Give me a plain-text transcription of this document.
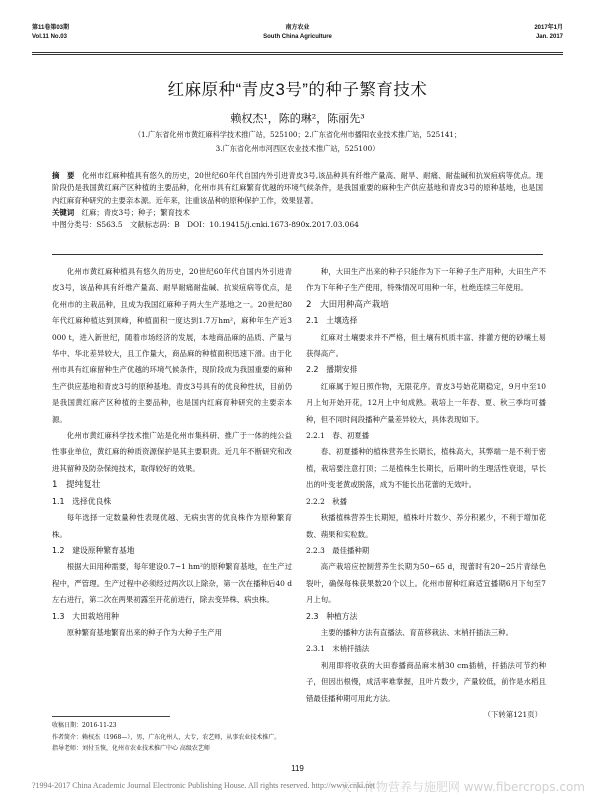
第11卷第03期
Vol.11 No.03
南方农业
South China Agriculture
2017年1月
Jan. 2017
红麻原种“青皮3号”的种子繁育技术
赖权杰¹，陈的琳²，陈丽先³
（1.广东省化州市黄红麻科学技术推广站，525100；2.广东省化州市播阳农业技术推广站，525141；
3.广东省化州市河西区农业技术推广站，525100）
摘　要　 化州市红麻种植具有悠久的历史，20世纪60年代自国内外引进青皮3号,该品种具有纤维产量高、耐旱、耐痛、耐盐碱和抗炭疽病等优点。现阶段仍是我国黄红麻产区种植的主要品种，化州市具有红麻繁育优越的环境气候条件，是我国重要的麻种生产供应基地和青皮3号的原种基地，也是国内红麻育种研究的主要亲本源。近年来，注重该品种的原种保护工作，效果显著。
关键词　 红麻；青皮3号；种子；繁育技术
中图分类号：S563.5　文献标志码：B　DOI：10.19415/j.cnki.1673-890x.2017.03.064

化州市黄红麻种植具有悠久的历史，20世纪60年代自国内外引进青皮3号，该品种具有纤维产量高、耐旱耐痛耐盐碱、抗炭疽病等优点，是化州市的主栽品种，且成为我国红麻种子两大生产基地之一。20世纪80年代红麻种植达到顶峰，种植面积一度达到1.7万hm²，麻种年生产近3 000 t，进入新世纪，随着市场经济的发展，本地商品麻的品质、产量与华中、华北差异较大，且工作量大，商品麻的种植面积迅速下滑。由于化州市具有红麻留种生产优越的环境气候条件，现阶段成为我国重要的麻种生产供应基地和青皮3号的原种基地。青皮3号具有的优良种性状，目前仍是我国黄红麻产区种植的主要品种，也是国内红麻育种研究的主要亲本源。

化州市黄红麻科学技术推广站是化州市集科研、推广于一体的纯公益性事业单位，黄红麻的种质资源保护是其主要职责。近几年不断研究和改进其留种及防杂保纯技术，取得较好的效果。

1　提纯复壮

1.1　选择优良株

每年选择一定数量种性表现优越、无病虫害的优良株作为原种繁育株。

1.2　建设原种繁育基地

根据大田用种需要，每年建设0.7~1 hm²的原种繁育基地，在生产过程中，严管理。生产过程中必须经过两次以上除杂，第一次在播种后40 d左右进行，第二次在两果初露至开花前进行，除去变异株、病虫株。

1.3　大田栽培用种

原种繁育基地繁育出来的种子作为大种子生产用

种，大田生产出来的种子只能作为下一年种子生产用种，大田生产不作为下年种子生产使用，特殊情况可用种一年，杜绝连续三年使用。

2　大田用种高产栽培

2.1　土壤选择

红麻对土壤要求并不严格，但土壤有机质丰富、排灌方便的砂壤土易获得高产。

2.2　播期安排

红麻属于短日照作物，无限花序。青皮3号始花期稳定，9月中至10月上旬开始开花，12月上中旬成熟。栽培上一年春、夏、秋三季均可播种，但不同时间段播种产量差异较大，具体表现如下。

2.2.1　春、初夏播

春、初夏播种的植株营养生长期长，植株高大，其弊端一是不利于密植，栽培要注意打顶；二是植株生长期长，后期叶的生理活性衰退，早长出的叶变老黄或脱落，成为不能长出花蕾的无效叶。

2.2.2　秋播

秋播植株营养生长期短，植株叶片数少、养分积累少，不利于增加花数、蒴果和实粒数。

2.2.3　最佳播种期

高产栽培应控制营养生长期为50~65 d，现蕾时有20~25片青绿色裂叶，确保每株获果数20个以上。化州市留种红麻适宜播期6月下旬至7月上旬。

2.3　种植方法

主要的播种方法有直播法、育苗移栽法、末梢扦插法三种。

2.3.1　末梢扦插法

利用即将收获的大田春播商品麻末梢30 cm插梢，扦插法可节约种子，但因出根慢，成活率难掌握，且叶片数少，产量较低，前作是水稻且错最佳播种期可用此方法。

（下转第121页）

收稿日期：2016-11-23
作者简介：赖权杰（1968—），男，广东化州人，大专，农艺师，从事农业技术推广。
指导老师：刘付玉恢，化州市农业技术推广中心 高级农艺师
119
?1994-2017 China Academic Journal Electronic Publishing House. All rights reserved. http://www.cnki.net
天下作物营养与施肥网 www.fibercrops.com
